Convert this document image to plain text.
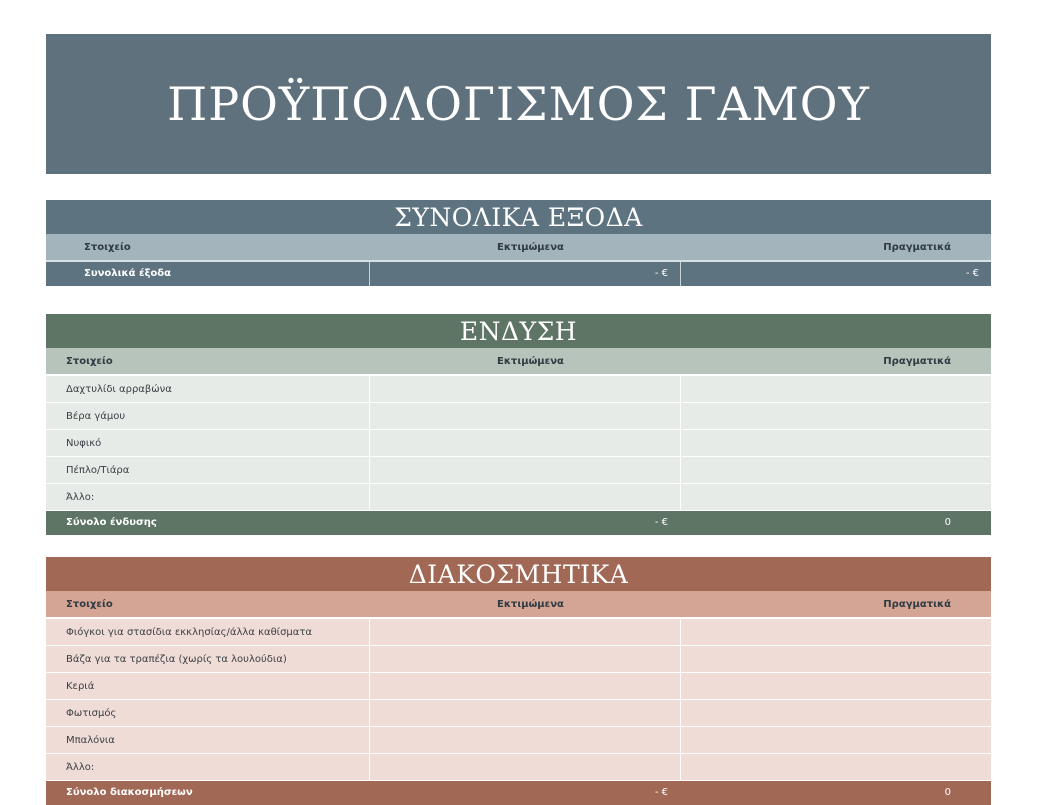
ΠΡΟΫΠΟΛΟΓΙΣΜΟΣ ΓΑΜΟΥ
ΣΥΝΟΛΙΚΑ ΕΞΟΔΑ
Στοιχείο	Εκτιμώμενα	Πραγματικά
Συνολικά έξοδα	- €	- €
ΕΝΔΥΣΗ
Στοιχείο	Εκτιμώμενα	Πραγματικά
Δαχτυλίδι αρραβώνα
Βέρα γάμου
Νυφικό
Πέπλο/Τιάρα
Άλλο:
Σύνολο ένδυσης	- €	0
ΔΙΑΚΟΣΜΗΤΙΚΑ
Στοιχείο	Εκτιμώμενα	Πραγματικά
Φιόγκοι για στασίδια εκκλησίας/άλλα καθίσματα
Βάζα για τα τραπέζια (χωρίς τα λουλούδια)
Κεριά
Φωτισμός
Μπαλόνια
Άλλο:
Σύνολο διακοσμήσεων	- €	0
